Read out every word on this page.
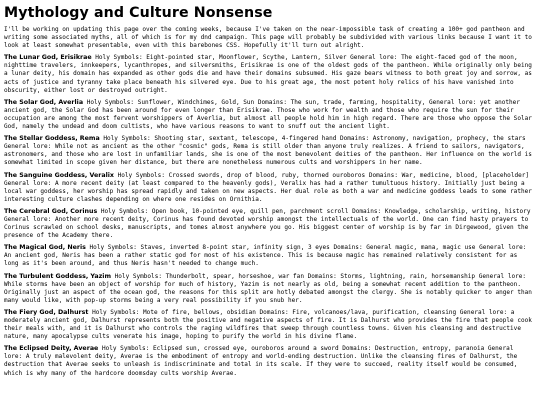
Mythology and Culture Nonsense

I'll be working on updating this page over the coming weeks, because I've taken on the near-impossible task of creating a 100+ god pantheon and writing some associated myths, all of which is for my dnd campaign. This page will probably be subdivided with various links because I want it to look at least somewhat presentable, even with this barebones CSS. Hopefully it'll turn out alright.

The Lunar God, Erisikrae Holy Symbols: Eight-pointed star, Moonflower, Scythe, Lantern, Silver General lore: The eight-faced god of the moon, nighttime travelers, innkeepers, lycanthropes, and silversmiths, Erisikrae is one of the oldest gods of the pantheon. While originally only being a lunar deity, his domain has expanded as other gods die and have their domains subsumed. His gaze bears witness to both great joy and sorrow, as acts of justice and tyranny take place beneath his silvered eye. Due to his great age, the most potent holy relics of his have vanished into obscurity, either lost or destroyed outright.

The Solar God, Averlia Holy Symbols: Sunflower, Windchimes, Gold, Sun Domains: The sun, trade, farming, hospitality, General lore: yet another ancient god, the Solar God has been around for even longer than Erisikrae. Those who work for wealth and those who require the sun for their occupation are among the most fervent worshippers of Averlia, but almost all people hold him in high regard. There are those who oppose the Solar God, namely the undead and doom cultists, who have various reasons to want to snuff out the ancient light.

The Stellar Goddess, Rema Holy Symbols: Shooting star, sextant, telescope, 4-fingered hand Domains: Astronomy, navigation, prophecy, the stars General lore: While not as ancient as the other "cosmic" gods, Rema is still older than anyone truly realizes. A friend to sailors, navigators, astronomers, and those who are lost in unfamiliar lands, she is one of the most benevolent deities of the pantheon. Her influence on the world is somewhat limited in scope given her distance, but there are nonetheless numerous cults and worshippers in her name.

The Sanguine Goddess, Veralix Holy Symbols: Crossed swords, drop of blood, ruby, thorned ouroboros Domains: War, medicine, blood, [placeholder] General lore: A more recent deity (at least compared to the heavenly gods), Veralix has had a rather tumultuous history. Initially just being a local war goddess, her worship has spread rapidly and taken on new aspects. Her dual role as both a war and medicine goddess leads to some rather interesting culture clashes depending on where one resides on Ornithia.

The Cerebral God, Corinus Holy Symbols: Open book, 10-pointed eye, quill pen, parchment scroll Domains: Knowledge, scholarship, writing, history General lore: Another more recent deity, Corinus has found devoted worship amongst the intellectuals of the world. One can find hasty prayers to Corinus scrawled on school desks, manuscripts, and tomes almost anywhere you go. His biggest center of worship is by far in Dirgewood, given the presence of the Academy there.

The Magical God, Neris Holy Symbols: Staves, inverted 8-point star, infinity sign, 3 eyes Domains: General magic, mana, magic use General lore: An ancient god, Neris has been a rather static god for most of his existence. This is because magic has remained relatively consistent for as long as it's been around, and thus Neris hasn't needed to change much.

The Turbulent Goddess, Yazim Holy Symbols: Thunderbolt, spear, horseshoe, war fan Domains: Storms, lightning, rain, horsemanship General lore: While storms have been an object of worship for much of history, Yazim is not nearly as old, being a somewhat recent addition to the pantheon. Originally just an aspect of the ocean god, the reasons for this split are hotly debated amongst the clergy. She is notably quicker to anger than many would like, with pop-up storms being a very real possibility if you snub her.

The Fiery God, Dalhurst Holy Symbols: Mote of fire, bellows, obsidian Domains: Fire, volcanoes/lava, purification, cleansing General lore: a moderately ancient god, Dalhurst represents both the positive and negative aspects of fire. It is Dalhurst who provides the fire that people cook their meals with, and it is Dalhurst who controls the raging wildfires that sweep through countless towns. Given his cleansing and destructive nature, many apocalypse cults venerate his image, hoping to purify the world in his divine flame.

The Eclipsed Deity, Averae Holy Symbols: Eclipsed sun, crossed eye, ouroboros around a sword Domains: Destruction, entropy, paranoia General lore: A truly malevolent deity, Averae is the embodiment of entropy and world-ending destruction. Unlike the cleansing fires of Dalhurst, the destruction that Averae seeks to unleash is indiscriminate and total in its scale. If they were to succeed, reality itself would be consumed, which is why many of the hardcore doomsday cults worship Averae.
